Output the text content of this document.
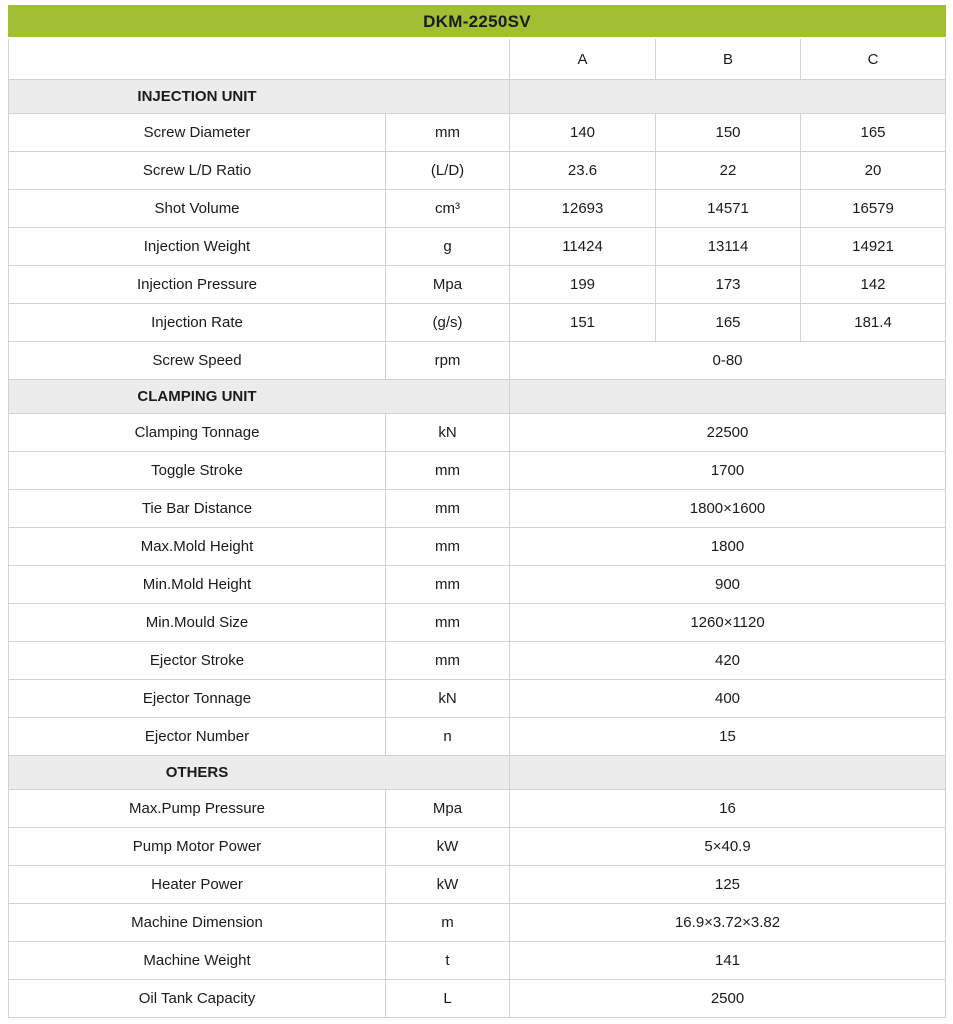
DKM-2250SV				
		A	B	C
INJECTION UNIT				
Screw Diameter	mm	140	150	165
Screw L/D Ratio	(L/D)	23.6	22	20
Shot Volume	cm³	12693	14571	16579
Injection Weight	g	11424	13114	14921
Injection Pressure	Mpa	199	173	142
Injection Rate	(g/s)	151	165	181.4
Screw Speed	rpm	0-80		
CLAMPING UNIT				
Clamping Tonnage	kN	22500		
Toggle Stroke	mm	1700		
Tie Bar Distance	mm	1800×1600		
Max.Mold Height	mm	1800		
Min.Mold Height	mm	900		
Min.Mould Size	mm	1260×1120		
Ejector Stroke	mm	420		
Ejector Tonnage	kN	400		
Ejector Number	n	15		
OTHERS				
Max.Pump Pressure	Mpa	16		
Pump Motor Power	kW	5×40.9		
Heater Power	kW	125		
Machine Dimension	m	16.9×3.72×3.82		
Machine Weight	t	141		
Oil Tank Capacity	L	2500		
